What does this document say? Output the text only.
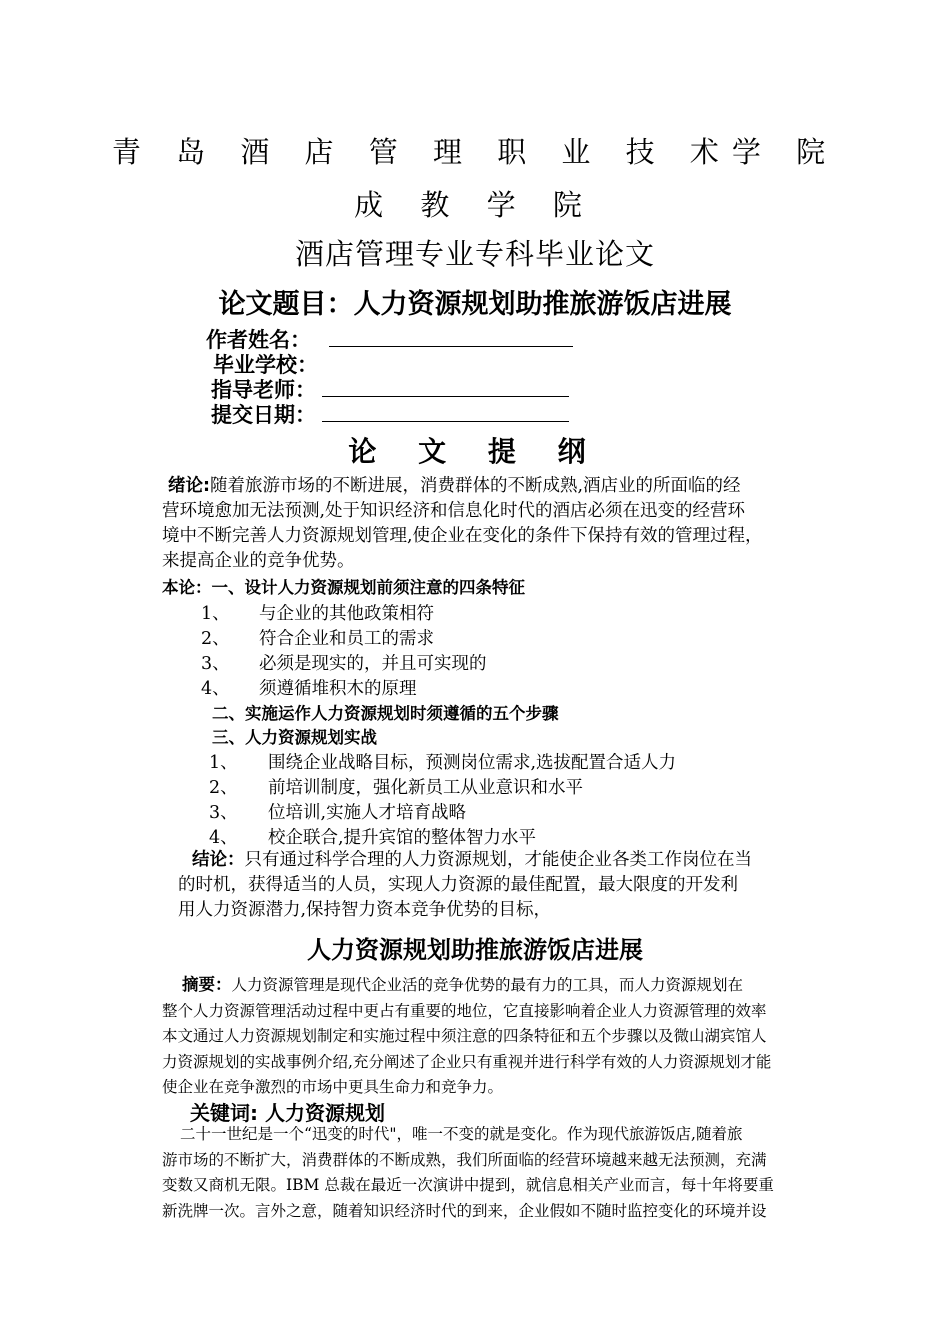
青 岛 酒 店 管 理 职 业 技 术学 院
成 教 学 院
酒店管理专业专科毕业论文
论文题目：人力资源规划助推旅游饭店进展
作者姓名：
毕业学校：
指导老师：
提交日期：
论 文 提 纲
绪论:随着旅游市场的不断进展，消费群体的不断成熟,酒店业的所面临的经
营环境愈加无法预测,处于知识经济和信息化时代的酒店必须在迅变的经营环
境中不断完善人力资源规划管理,使企业在变化的条件下保持有效的管理过程，
来提高企业的竞争优势。
本论：一、设计人力资源规划前须注意的四条特征
1、 与企业的其他政策相符
2、 符合企业和员工的需求
3、 必须是现实的，并且可实现的
4、 须遵循堆积木的原理
二、实施运作人力资源规划时须遵循的五个步骤
三、人力资源规划实战
1、 围绕企业战略目标，预测岗位需求,选拔配置合适人力
2、 前培训制度，强化新员工从业意识和水平
3、 位培训,实施人才培育战略
4、 校企联合,提升宾馆的整体智力水平
结论：只有通过科学合理的人力资源规划，才能使企业各类工作岗位在当
的时机，获得适当的人员，实现人力资源的最佳配置，最大限度的开发利
用人力资源潜力,保持智力资本竞争优势的目标，
人力资源规划助推旅游饭店进展
摘要：人力资源管理是现代企业活的竞争优势的最有力的工具，而人力资源规划在
整个人力资源管理活动过程中更占有重要的地位，它直接影响着企业人力资源管理的效率
本文通过人力资源规划制定和实施过程中须注意的四条特征和五个步骤以及微山湖宾馆人
力资源规划的实战事例介绍,充分阐述了企业只有重视并进行科学有效的人力资源规划才能
使企业在竞争激烈的市场中更具生命力和竞争力。
关键词: 人力资源规划
二十一世纪是一个“迅变的时代"，唯一不变的就是变化。作为现代旅游饭店,随着旅
游市场的不断扩大，消费群体的不断成熟，我们所面临的经营环境越来越无法预测，充满
变数又商机无限。IBM 总裁在最近一次演讲中提到，就信息相关产业而言，每十年将要重
新洗牌一次。言外之意，随着知识经济时代的到来，企业假如不随时监控变化的环境并设
